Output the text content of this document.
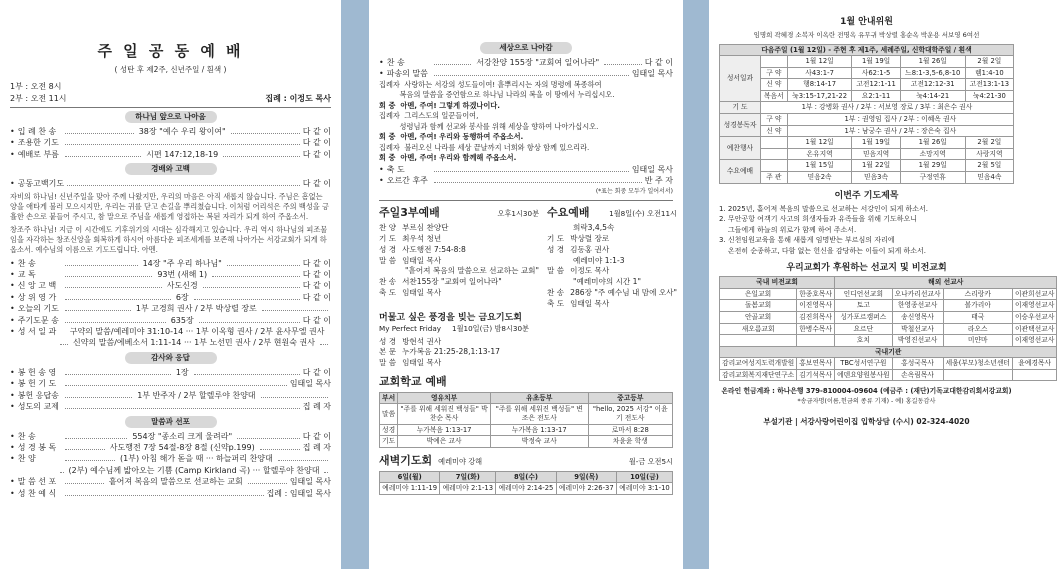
주 일 공 동 예 배
( 성탄 후 제2주, 신년주일 / 흰색 )
1부 : 오전 8시
2부 : 오전 11시	집례 : 이정도 목사
하나님 앞으로 나아옴
• 입 례 찬 송	38장 "예수 우리 왕이여"	다 같 이
• 조용한 기도	다 같 이
• 예배로 부름	시편 147:12,18-19	다 같 이
경배와 고백
• 공동고백기도	다 같 이
자비의 하나님! 신년주일을 맞아 주께 나왔지만, 우리의 마음은 아직 새롭지 않습니다. 주님은 흠없는 양을 애타게 불러 모으시지만, 우리는 귀를 닫고 손길을 뿌리쳤습니다. 이처럼 어리석은 주의 백성을 긍휼한 손으로 붙들어 주시고, 참 말으로 주님을 새롭게 영접하는 복된 자리가 되게 하여 주옵소서.
창조주 하나님! 지금 이 시간에도 기후위기의 시대는 심각해지고 있습니다. 우리 역시 하나님의 피조물임을 자각하는 창조신앙을 회복하게 하시어 아름다운 피조세계를 보존해 나아가는 서강교회가 되게 하옵소서. 예수님의 이름으로 기도드립니다. 아멘.
• 찬 송	14장 "주 우리 하나님"	다 같 이
• 교 독	93번 (새해 1)	다 같 이
• 신 앙 고 백	사도신경	다 같 이
• 상 위 영 가	6장	다 같 이
• 오늘의 기도	1부 고경희 권사 / 2부 박상렬 장로
• 주기도문 송	635장	다 같 이
• 성 서 일 과	구약의 말씀/예레미야 31:10-14 ··· 1부 이옥형 권사 / 2부 윤사무엘 권사
신약의 말씀/에베소서 1:11-14 ··· 1부 노선민 권사 / 2부 현원숙 권사
감사와 응답
• 봉 헌 송 영	1장	다 같 이
• 봉 헌 기 도	임태일 목사
• 봉헌 응답송	1부 반주자 / 2부 할렐루야 찬양대
• 성도의 교제	집 례 자
말씀과 선포
• 찬 송	554장 "종소리 크게 울려라"	다 같 이
• 성 경 봉 독	사도행전 7장 54절-8장 8절 (신약p.199)	집 례 자
• 찬 양	(1부) 아침 해가 돋을 때 ··· 하늘퍼리 찬양대
(2부) 예수님께 밟아오는 기쁨 (Camp Kirkland 곡) ··· 할렐루야 찬양대
• 말 씀 선 포	흩어져 복음의 말씀으로 선교하는 교회	임태일 목사
• 성 찬 예 식	집례 : 임태일 목사
세상으로 나아감
• 찬 송	서강찬양 155장 "교회여 일어나라"	다 같 이
• 파송의 말씀	임태일 목사
집례자  사랑하는 서강의 성도들이여! 흩뿌리시는 자의 명령에 복종하여
복음의 말씀을 증언함으로 하나님 나라의 복을 이 땅에서 누리십시오.
회 중  아멘, 주여! 그렇게 하겠나이다.
집례자  그리스도의 일꾼들이여,
성령님과 함께 선교와 봉사를 위해 세상을 향하여 나아가십시오.
회 중  아멘, 주여! 우리와 동행하여 주옵소서.
집례자  불러오신 나라를 세상 끝날까지 너희와 항상 함께 있으리라.
회 중  아멘, 주여! 우리와 함께해 주옵소서.
• 축 도	임태일 목사
• 오르간 후주	반 주 자
(*표는 회중 모두가 일어서서)
주일3부예배	오후1시30분
찬 양 부르심 찬양단
기 도 최우석 청년
성 경 사도행전 7:54-8:8
말 씀 임태일 목사
"흩어져 복음의 말씀으로 선교하는 교회"
찬 송 서찬155장 "교회여 일어나라"
축 도 임태일 목사
수요예배	1월8일(수) 오전11시
희락3,4,5속
기 도 박상렬 장로
성 경 김동홍 권사
예레미야 1:1-3
말 씀 이정도 목사
"예레미야의 시간 1"
찬 송 286장 "주 예수님 내 맘에 오사"
축 도 임태일 목사
머물고 싶은 풍경을 빚는 금요기도회
My Perfect Friday 1월10일(금) 밤8시30분
성 경 방현석 권사
본 문 누가복음 21:25-28,1:13-17
말 씀 임태일 목사
교회학교 예배
부서	영유치부	유초등부	중고등부
말씀	"주를 위해 세워진 백성들" 박찬순 목사	"주를 위해 세워진 백성들" 변조은 전도사	"hello, 2025 서강" 이윤기 전도사
성경	누가복음 1:13-17	누가복음 1:13-17	로마서 8:28
기도	박예은 교사	박정숙 교사	차윤윤 학생
새벽기도회 예레미야 강해	월-금 오전5시
6일(월)	7일(화)	8일(수)	9일(목)	10일(금)
예레미야 1:11-19	예레미야 2:1-13	예레미야 2:14-25	예레미야 2:26-37	예레미야 3:1-10
1월 안내위원
임명희 곽혜경 소복자 이옥란 전명옥 유무귀 박상렬 홍순옥 박운용 서보영 6여선
다음주일 (1월 12일) - 주현 후 제1주, 세례주일, 신학대학주일 / 흰색					
성서일과		1월 12일	1월 19일	1월 26일	2월 2일
	구 약	사43:1-7	사62:1-5	느8:1-3,5-6,8-10	렘1:4-10
	신 약	행8:14-17	고전12:1-11	고전12:12-31	고전13:1-13
	복음서	눅3:15-17,21-22	요2:1-11	눅4:14-21	눅4:21-30
기 도	1부 : 강병화 권사 / 2부 : 서보영 장로 / 3부 : 최은수 권사				
성경봉독자	구 약	1부 : 권영임 집사 / 2부 : 이혜옥 권사			
	신 약	1부 : 남궁수 권사 / 2부 : 장은숙 집사			
예찬행사		1월 12일	1월 19일	1월 26일	2월 2일
		온유지역	믿음지역	소망지역	사랑지역
수요예배		1월 15일	1월 22일	1월 29일	2월 5일
	주 관	믿음2속	믿음3속	구정연휴	믿음4속
이번주 기도제목
1. 2025년, 흩어져 복음의 말씀으로 선교하는 서강인이 되게 하소서.
2. 무안공항 여객기 사고의 희생자들과 유족들을 위해 기도하오니
그들에게 하늘의 위로가 함께 하여 주소서.
3. 신천임원교육을 통해 새롭게 임명받는 부르심의 자리에
온전히 순종하고, 다함 없는 헌신을 감당하는 이들이 되게 하소서.
우리교회가 후원하는 선교지 및 비전교회
국내 비전교회		해외 선교사			
은일교회	한종호목사	인디언선교회	오나카리선교사	스리랑카	이관희선교사
돌봄교회	이진영목사	토고	한영종선교사	볼가리아	이재영선교사
안골교회	김진희목사	싱가포르캠퍼스	송신영목사	태국	이승우선교사
새오름교회	한병수목사	요르단	박철선교사	라오스	이관택선교사
		호치	박영진선교사	미얀마	이재영선교사
국내기관					
감리교여성지도력개발원	홍보연목사	TBC성서연구원	홍성국목사	세움(부모)청소년센터	윤예경목사
감리교회복지재단연구소	김기석목사	에덴요양원봉사원	손옥림목사		
온라인 헌금계좌 : 하나은행 379-810004-09604 (예금주 : (재단)기독교대한감리회서강교회)
*송금자명(이름,헌금의 종류 기재) - 예) 홍길동감사
부설기관 | 서강사랑어린이집 입학상담 (수시) 02-324-4020
